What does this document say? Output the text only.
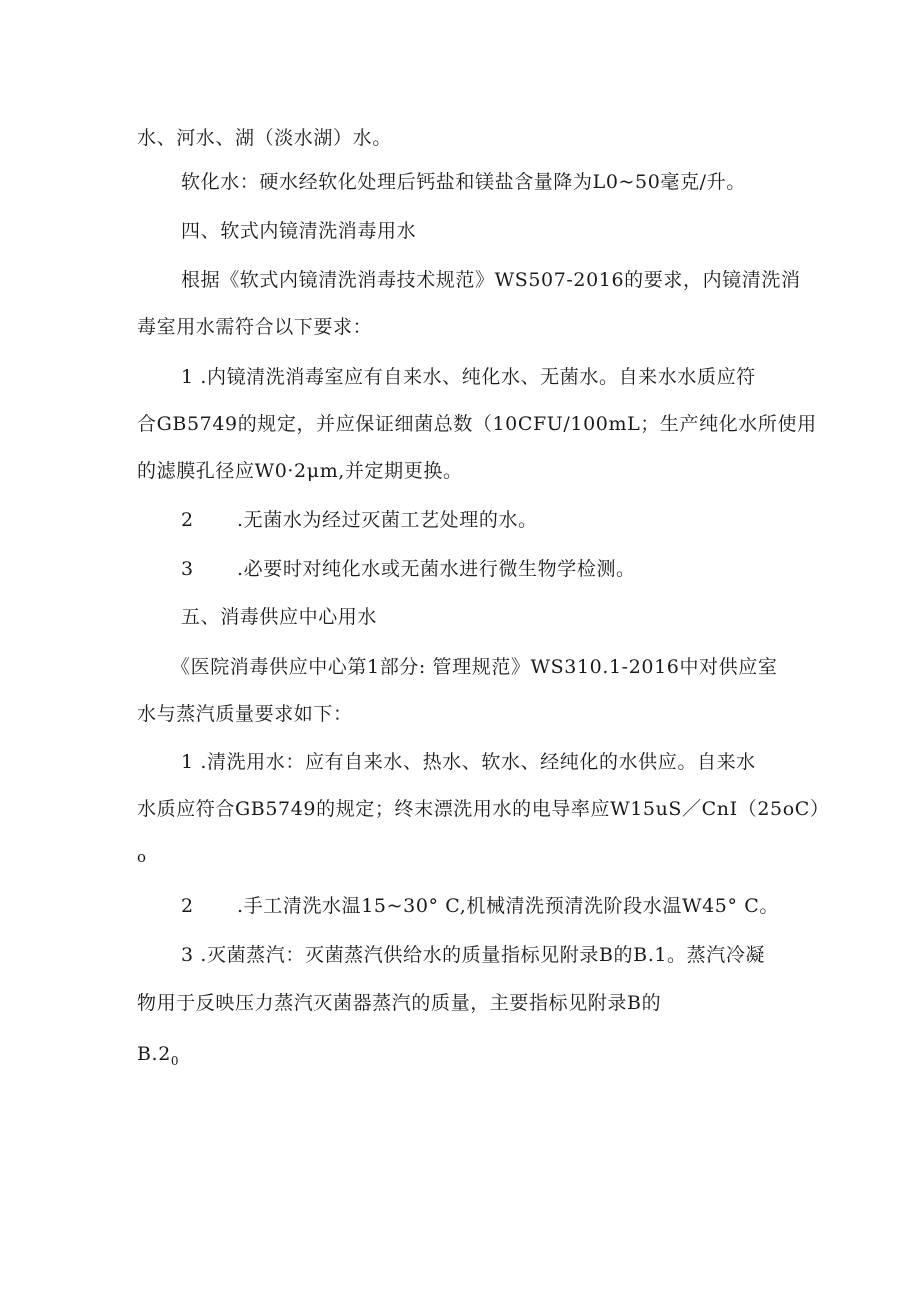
水、河水、湖（淡水湖）水。
软化水：硬水经软化处理后钙盐和镁盐含量降为L0~50毫克/升。
四、软式内镜清洗消毒用水
根据《软式内镜清洗消毒技术规范》WS507-2016的要求，内镜清洗消
毒室用水需符合以下要求：
1 .内镜清洗消毒室应有自来水、纯化水、无菌水。自来水水质应符
合GB5749的规定，并应保证细菌总数（10CFU/100mL；生产纯化水所使用
的滤膜孔径应W0·2μm,并定期更换。
2 .无菌水为经过灭菌工艺处理的水。
3 .必要时对纯化水或无菌水进行微生物学检测。
五、消毒供应中心用水
《医院消毒供应中心第1部分: 管理规范》WS310.1-2016中对供应室
水与蒸汽质量要求如下：
1 .清洗用水：应有自来水、热水、软水、经纯化的水供应。自来水
水质应符合GB5749的规定；终末漂洗用水的电导率应W15uS／CnI（25oC）
o
2 .手工清洗水温15~30° C,机械清洗预清洗阶段水温W45° C。
3 .灭菌蒸汽：灭菌蒸汽供给水的质量指标见附录B的B.1。蒸汽冷凝
物用于反映压力蒸汽灭菌器蒸汽的质量，主要指标见附录B的
$B.2_0$
